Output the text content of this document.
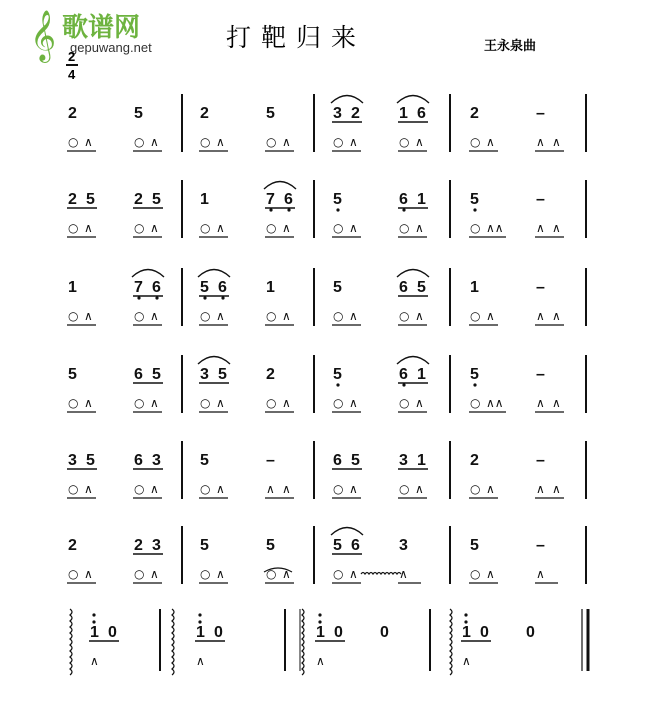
𝄞 歌谱网
gepuwang.net	打靶归来	王永泉曲
2
4
2
○ ∧
5
○ ∧
2
○ ∧
5
○ ∧
3 2
○ ∧
1 6
○ ∧
2
○ ∧
–
∧ ∧
2 5
○ ∧
2 5
○ ∧
1
○ ∧
7 6
○ ∧
5
○ ∧
6 1
○ ∧
5
○ ∧∧
–
∧ ∧
1
○ ∧
7 6
○ ∧
5 6
○ ∧
1
○ ∧
5
○ ∧
6 5
○ ∧
1
○ ∧
–
∧ ∧
5
○ ∧
6 5
○ ∧
3 5
○ ∧
2
○ ∧
5
○ ∧
6 1
○ ∧
5
○ ∧∧
–
∧ ∧
3 5
○ ∧
6 3
○ ∧
5
○ ∧
–
∧ ∧
6 5
○ ∧
3 1
○ ∧
2
○ ∧
–
∧ ∧
2
○ ∧
2 3
○ ∧
5
○ ∧
5
○ ∧
5 6
○ ∧
3
∧
5
○ ∧
–
∧
1 0
∧
1 0
∧
1 0
∧
0	1 0
∧
0
